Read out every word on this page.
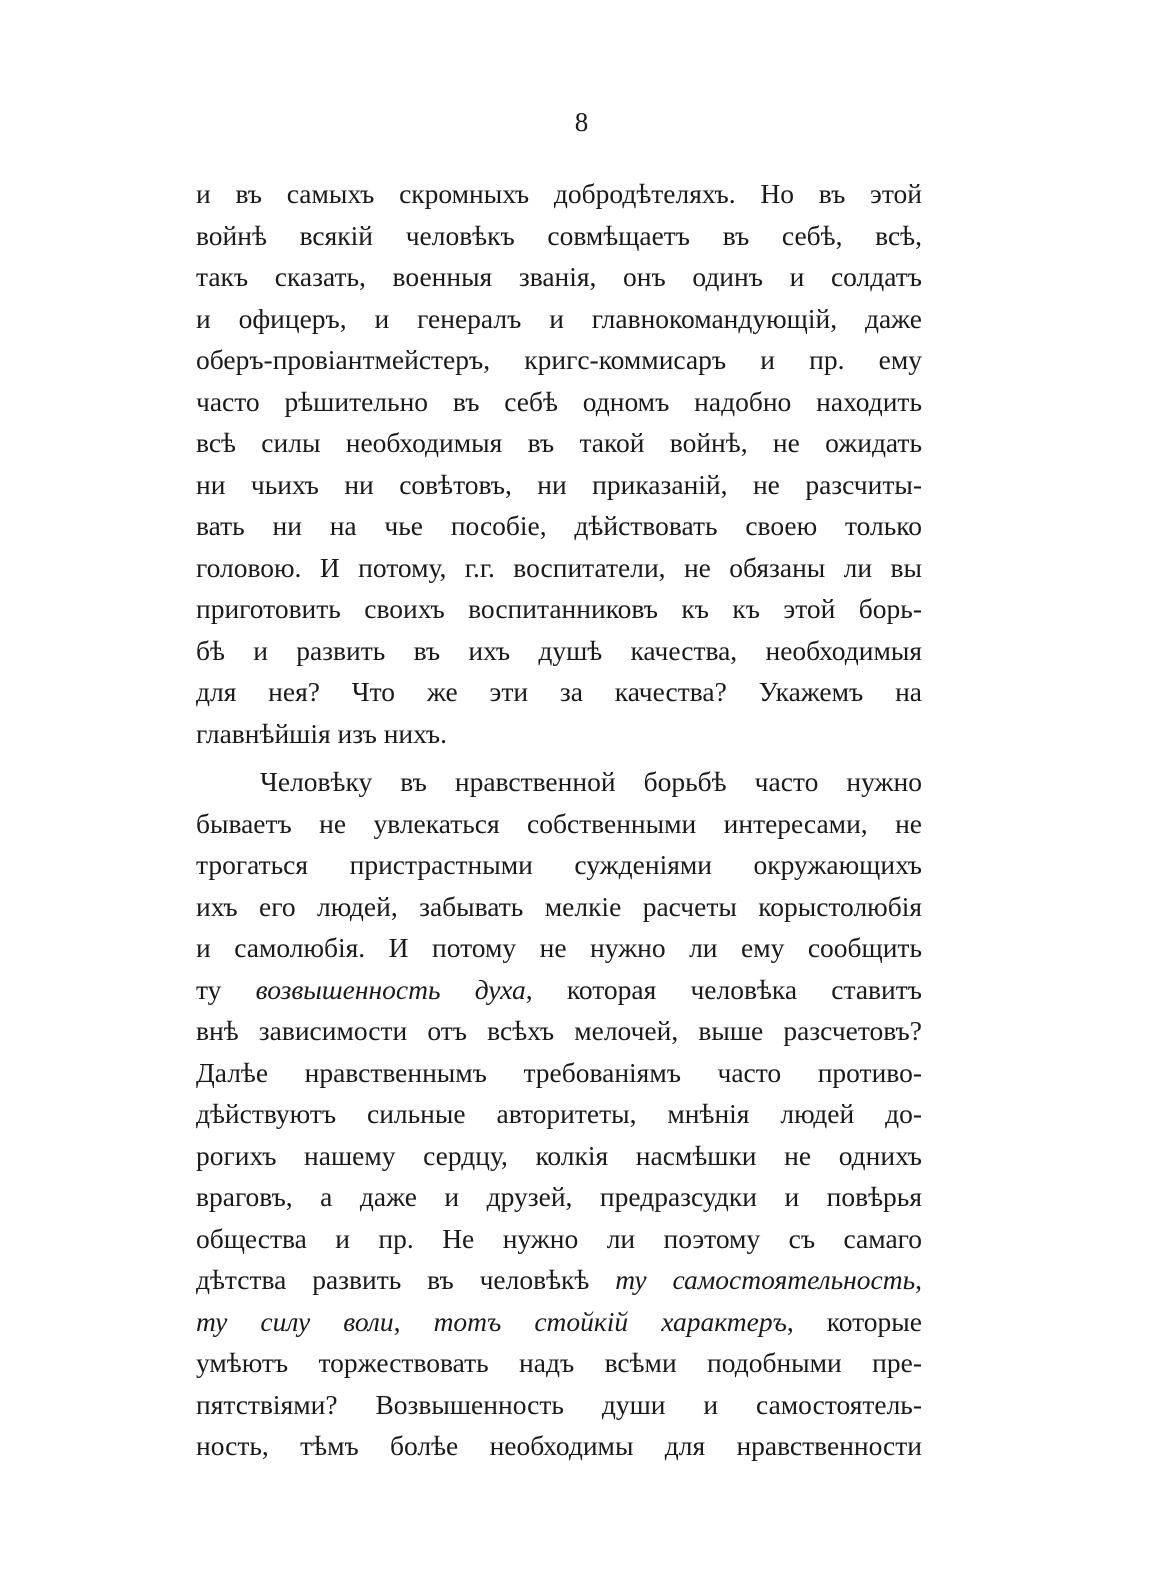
8
и въ самыхъ скромныхъ добродѣтеляхъ. Но въ этой
войнѣ всякій человѣкъ совмѣщаетъ въ себѣ, всѣ,
такъ сказать, военныя званія, онъ одинъ и солдатъ
и офицеръ, и генералъ и главнокомандующій, даже
оберъ-провіантмейстеръ, кригс-коммисаръ и пр. ему
часто рѣшительно въ себѣ одномъ надобно находить
всѣ силы необходимыя въ такой войнѣ, не ожидать
ни чьихъ ни совѣтовъ, ни приказаній, не разсчиты-
вать ни на чье пособіе, дѣйствовать своею только
головою. И потому, г.г. воспитатели, не обязаны ли вы
приготовить своихъ воспитанниковъ къ къ этой борь-
бѣ и развить въ ихъ душѣ качества, необходимыя
для нея? Что же эти за качества? Укажемъ на
главнѣйшія изъ нихъ.
Человѣку въ нравственной борьбѣ часто нужно
бываетъ не увлекаться собственными интересами, не
трогаться пристрастными сужденіями окружающихъ
ихъ его людей, забывать мелкіе расчеты корыстолюбія
и самолюбія. И потому не нужно ли ему сообщить
ту возвышенность духа, которая человѣка ставитъ
внѣ зависимости отъ всѣхъ мелочей, выше разсчетовъ?
Далѣе нравственнымъ требованіямъ часто противо-
дѣйствуютъ сильные авторитеты, мнѣнія людей до-
рогихъ нашему сердцу, колкія насмѣшки не однихъ
враговъ, а даже и друзей, предразсудки и повѣрья
общества и пр. Не нужно ли поэтому съ самаго
дѣтства развить въ человѣкѣ ту самостоятельность,
ту силу воли, тотъ стойкій характеръ, которые
умѣютъ торжествовать надъ всѣми подобными пре-
пятствіями? Возвышенность души и самостоятель-
ность, тѣмъ болѣе необходимы для нравственности
